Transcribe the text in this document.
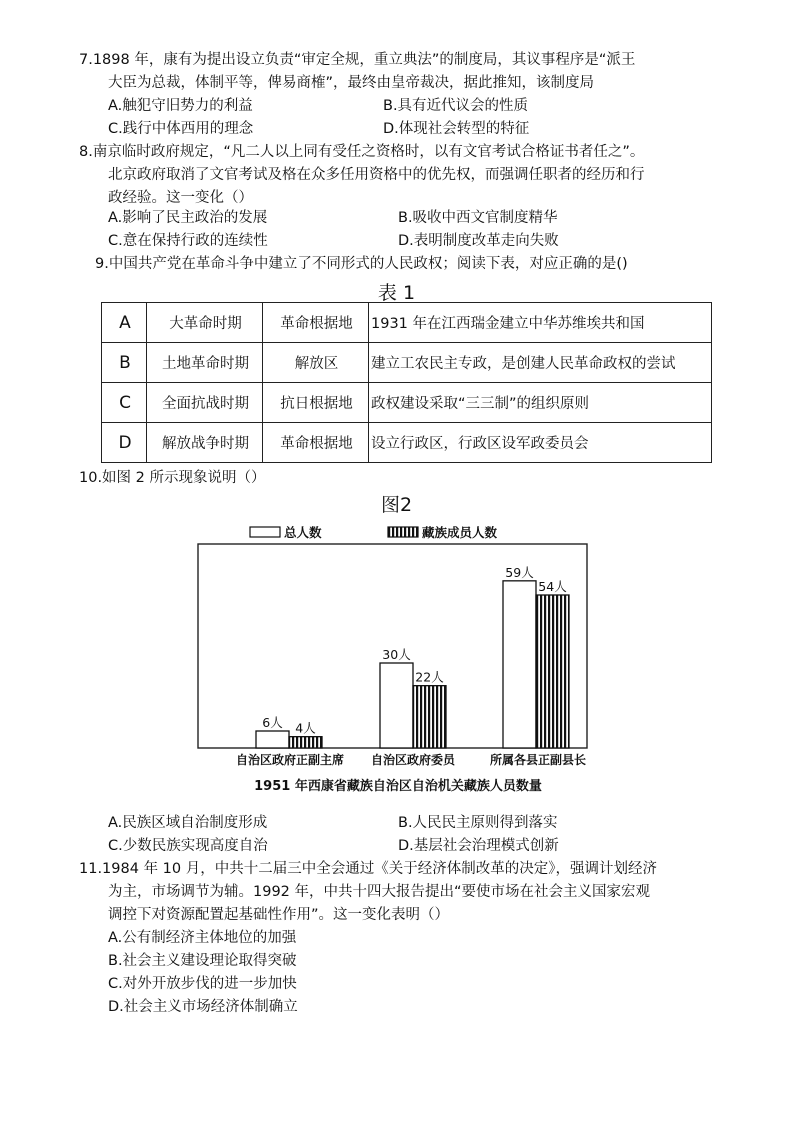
7.1898 年，康有为提出设立负责“审定全规，重立典法”的制度局，其议事程序是“派王
大臣为总裁，体制平等，俾易商榷”，最终由皇帝裁决，据此推知，该制度局
A.触犯守旧势力的利益	B.具有近代议会的性质
C.践行中体西用的理念	D.体现社会转型的特征
8.南京临时政府规定，“凡二人以上同有受任之资格时，以有文官考试合格证书者任之”。
北京政府取消了文官考试及格在众多任用资格中的优先权，而强调任职者的经历和行
政经验。这一变化（）
A.影响了民主政治的发展	B.吸收中西文官制度精华
C.意在保持行政的连续性	D.表明制度改革走向失败
9.中国共产党在革命斗争中建立了不同形式的人民政权；阅读下表，对应正确的是()
表 1
A	大革命时期	革命根据地	1931 年在江西瑞金建立中华苏维埃共和国
B	土地革命时期	解放区	建立工农民主专政，是创建人民革命政权的尝试
C	全面抗战时期	抗日根据地	政权建设采取“三三制”的组织原则
D	解放战争时期	革命根据地	设立行政区，行政区设军政委员会
10.如图 2 所示现象说明（）
图2
总人数	藏族成员人数
6人 4人
30人
22人
59人
54人
自治区政府正副主席 自治区政府委员	所属各县正副县长
1951 年西康省藏族自治区自治机关藏族人员数量
A.民族区域自治制度形成	B.人民民主原则得到落实
C.少数民族实现高度自治	D.基层社会治理模式创新
11.1984 年 10 月，中共十二届三中全会通过《关于经济体制改革的决定》，强调计划经济
为主，市场调节为辅。1992 年，中共十四大报告提出“要使市场在社会主义国家宏观
调控下对资源配置起基础性作用”。这一变化表明（）
A.公有制经济主体地位的加强
B.社会主义建设理论取得突破
C.对外开放步伐的进一步加快
D.社会主义市场经济体制确立
